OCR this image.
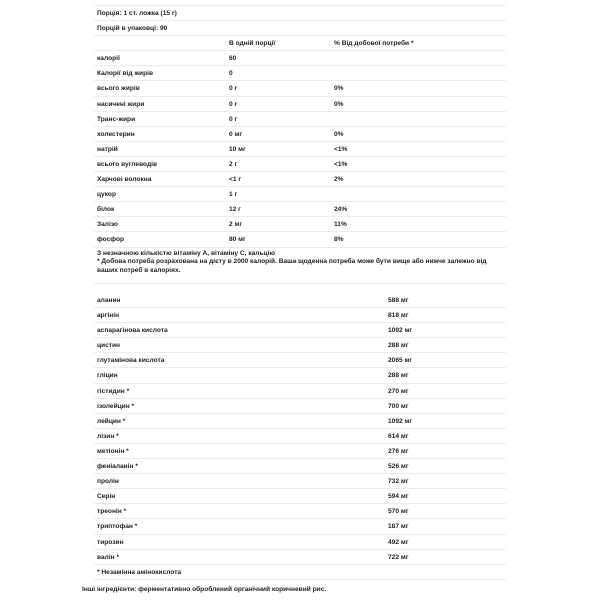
Порція: 1 ст. ложка (15 г)
Порцій в упаковці: 90
В одній порції	% Від добової потреби *
калорії	60
Калорії від жирів	0
всього жирів	0 г	0%
насичені жири	0 г	0%
Транс-жири	0 г
холестерин	0 мг	0%
натрій	10 мг	<1%
всього вуглеводів	2 г	<1%
Харчові волокна	<1 г	2%
цукор	1 г
білок	12 г	24%
Залізо	2 мг	11%
фосфор	80 мг	8%
З незначною кількістю вітаміну А, вітаміну С, кальцію
* Добова потреба розрахована на дієту в 2000 калорій. Ваша щоденна потреба може бути вище або нижче залежно від ваших потреб в калоріях.
аланин	588 мг
аргінін	818 мг
аспарагінова кислота	1092 мг
цистин	288 мг
глутамінова кислота	2065 мг
гліцин	288 мг
гістидин *	270 мг
ізолейцин *	700 мг
лейцин *	1092 мг
лізин *	614 мг
метіонін *	276 мг
феніаланін *	526 мг
пролін	732 мг
Серін	594 мг
треонін *	570 мг
триптофан *	187 мг
тирозин	492 мг
валін *	722 мг
* Незамінна амінокислота
Інші інгредієнти: ферментативно оброблений органічний коричневий рис.
